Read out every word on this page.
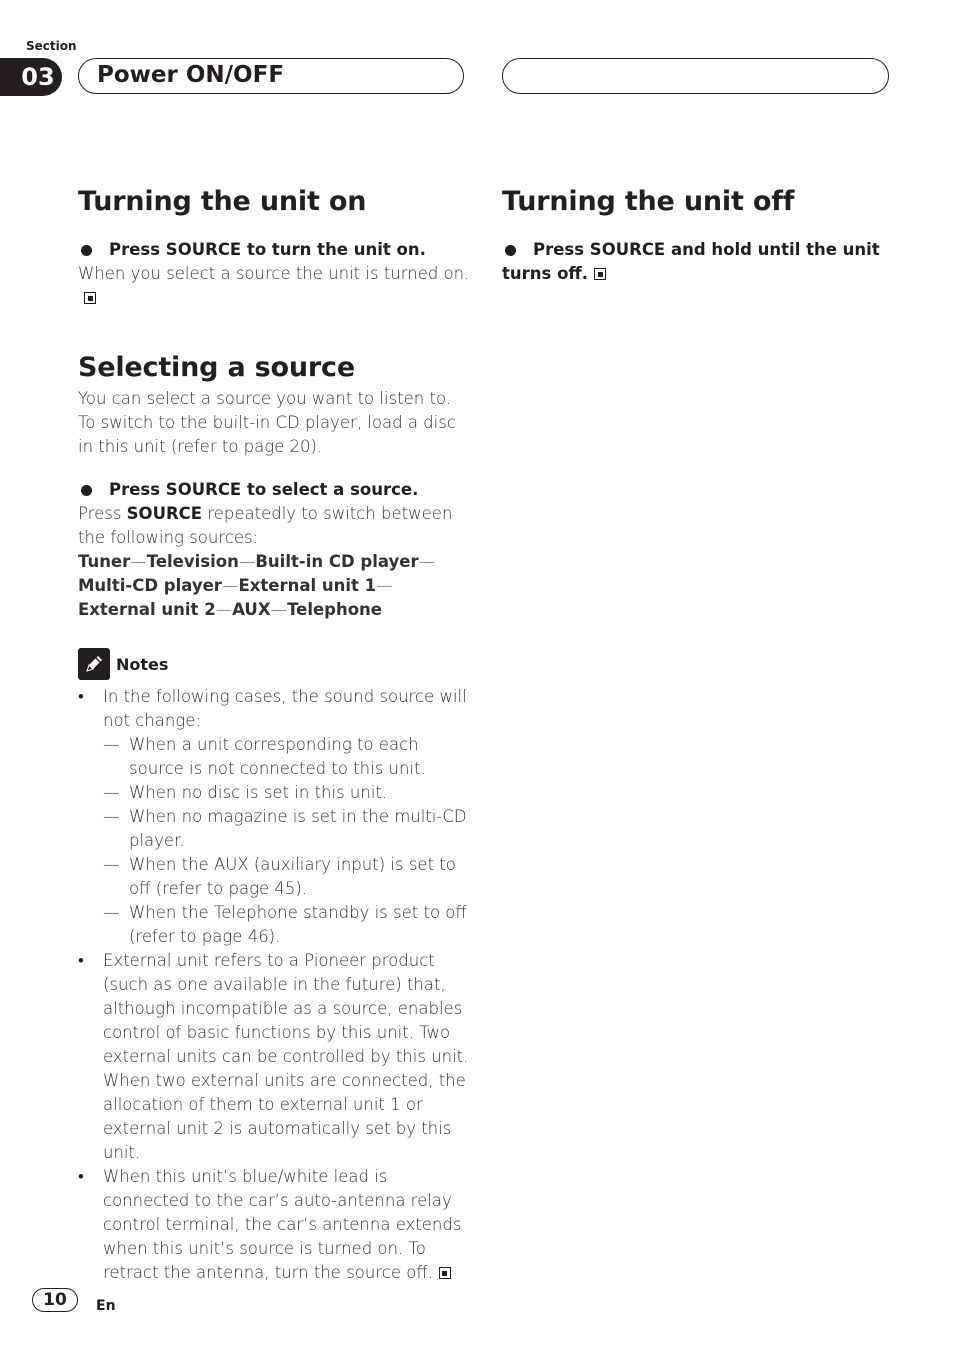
Section
03	Power ON/OFF
Turning the unit on
Press SOURCE to turn the unit on.

When you select a source the unit is turned on.

Selecting a source

You can select a source you want to listen to. To switch to the built-in CD player, load a disc in this unit (refer to page 20).

Press SOURCE to select a source.

Press SOURCE repeatedly to switch between the following sources:

Tuner—Television—Built-in CD player—Multi-CD player—External unit 1—External unit 2—AUX—Telephone

Notes
• In the following cases, the sound source will not change:
— When a unit corresponding to each source is not connected to this unit.
— When no disc is set in this unit.
— When no magazine is set in the multi-CD player.
— When the AUX (auxiliary input) is set to off (refer to page 45).
— When the Telephone standby is set to off (refer to page 46).
• External unit refers to a Pioneer product (such as one available in the future) that, although incompatible as a source, enables control of basic functions by this unit. Two external units can be controlled by this unit. When two external units are connected, the allocation of them to external unit 1 or external unit 2 is automatically set by this unit.
• When this unit’s blue/white lead is connected to the car’s auto-antenna relay control terminal, the car’s antenna extends when this unit’s source is turned on. To retract the antenna, turn the source off.
Turning the unit off
Press SOURCE and hold until the unit turns off.
10	En
